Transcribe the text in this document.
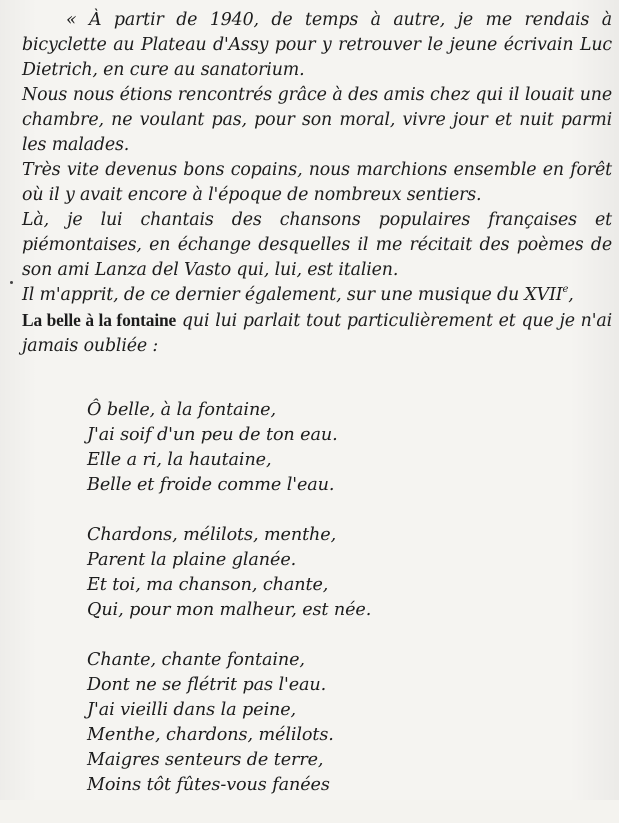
« À partir de 1940, de temps à autre, je me rendais à bicyclette au Plateau d'Assy pour y retrouver le jeune écrivain Luc Dietrich, en cure au sanatorium.

Nous nous étions rencontrés grâce à des amis chez qui il louait une chambre, ne voulant pas, pour son moral, vivre jour et nuit parmi les malades.

Très vite devenus bons copains, nous marchions ensemble en forêt où il y avait encore à l'époque de nombreux sentiers.

Là, je lui chantais des chansons populaires françaises et piémontaises, en échange desquelles il me récitait des poèmes de son ami Lanza del Vasto qui, lui, est italien.

Il m'apprit, de ce dernier également, sur une musique du XVIIe,
La belle à la fontaine qui lui parlait tout particulièrement et que je n'ai jamais oubliée :

Ô belle, à la fontaine,
J'ai soif d'un peu de ton eau.
Elle a ri, la hautaine,
Belle et froide comme l'eau.
Chardons, mélilots, menthe,
Parent la plaine glanée.
Et toi, ma chanson, chante,
Qui, pour mon malheur, est née.
Chante, chante fontaine,
Dont ne se flétrit pas l'eau.
J'ai vieilli dans la peine,
Menthe, chardons, mélilots.
Maigres senteurs de terre,
Moins tôt fûtes-vous fanées
